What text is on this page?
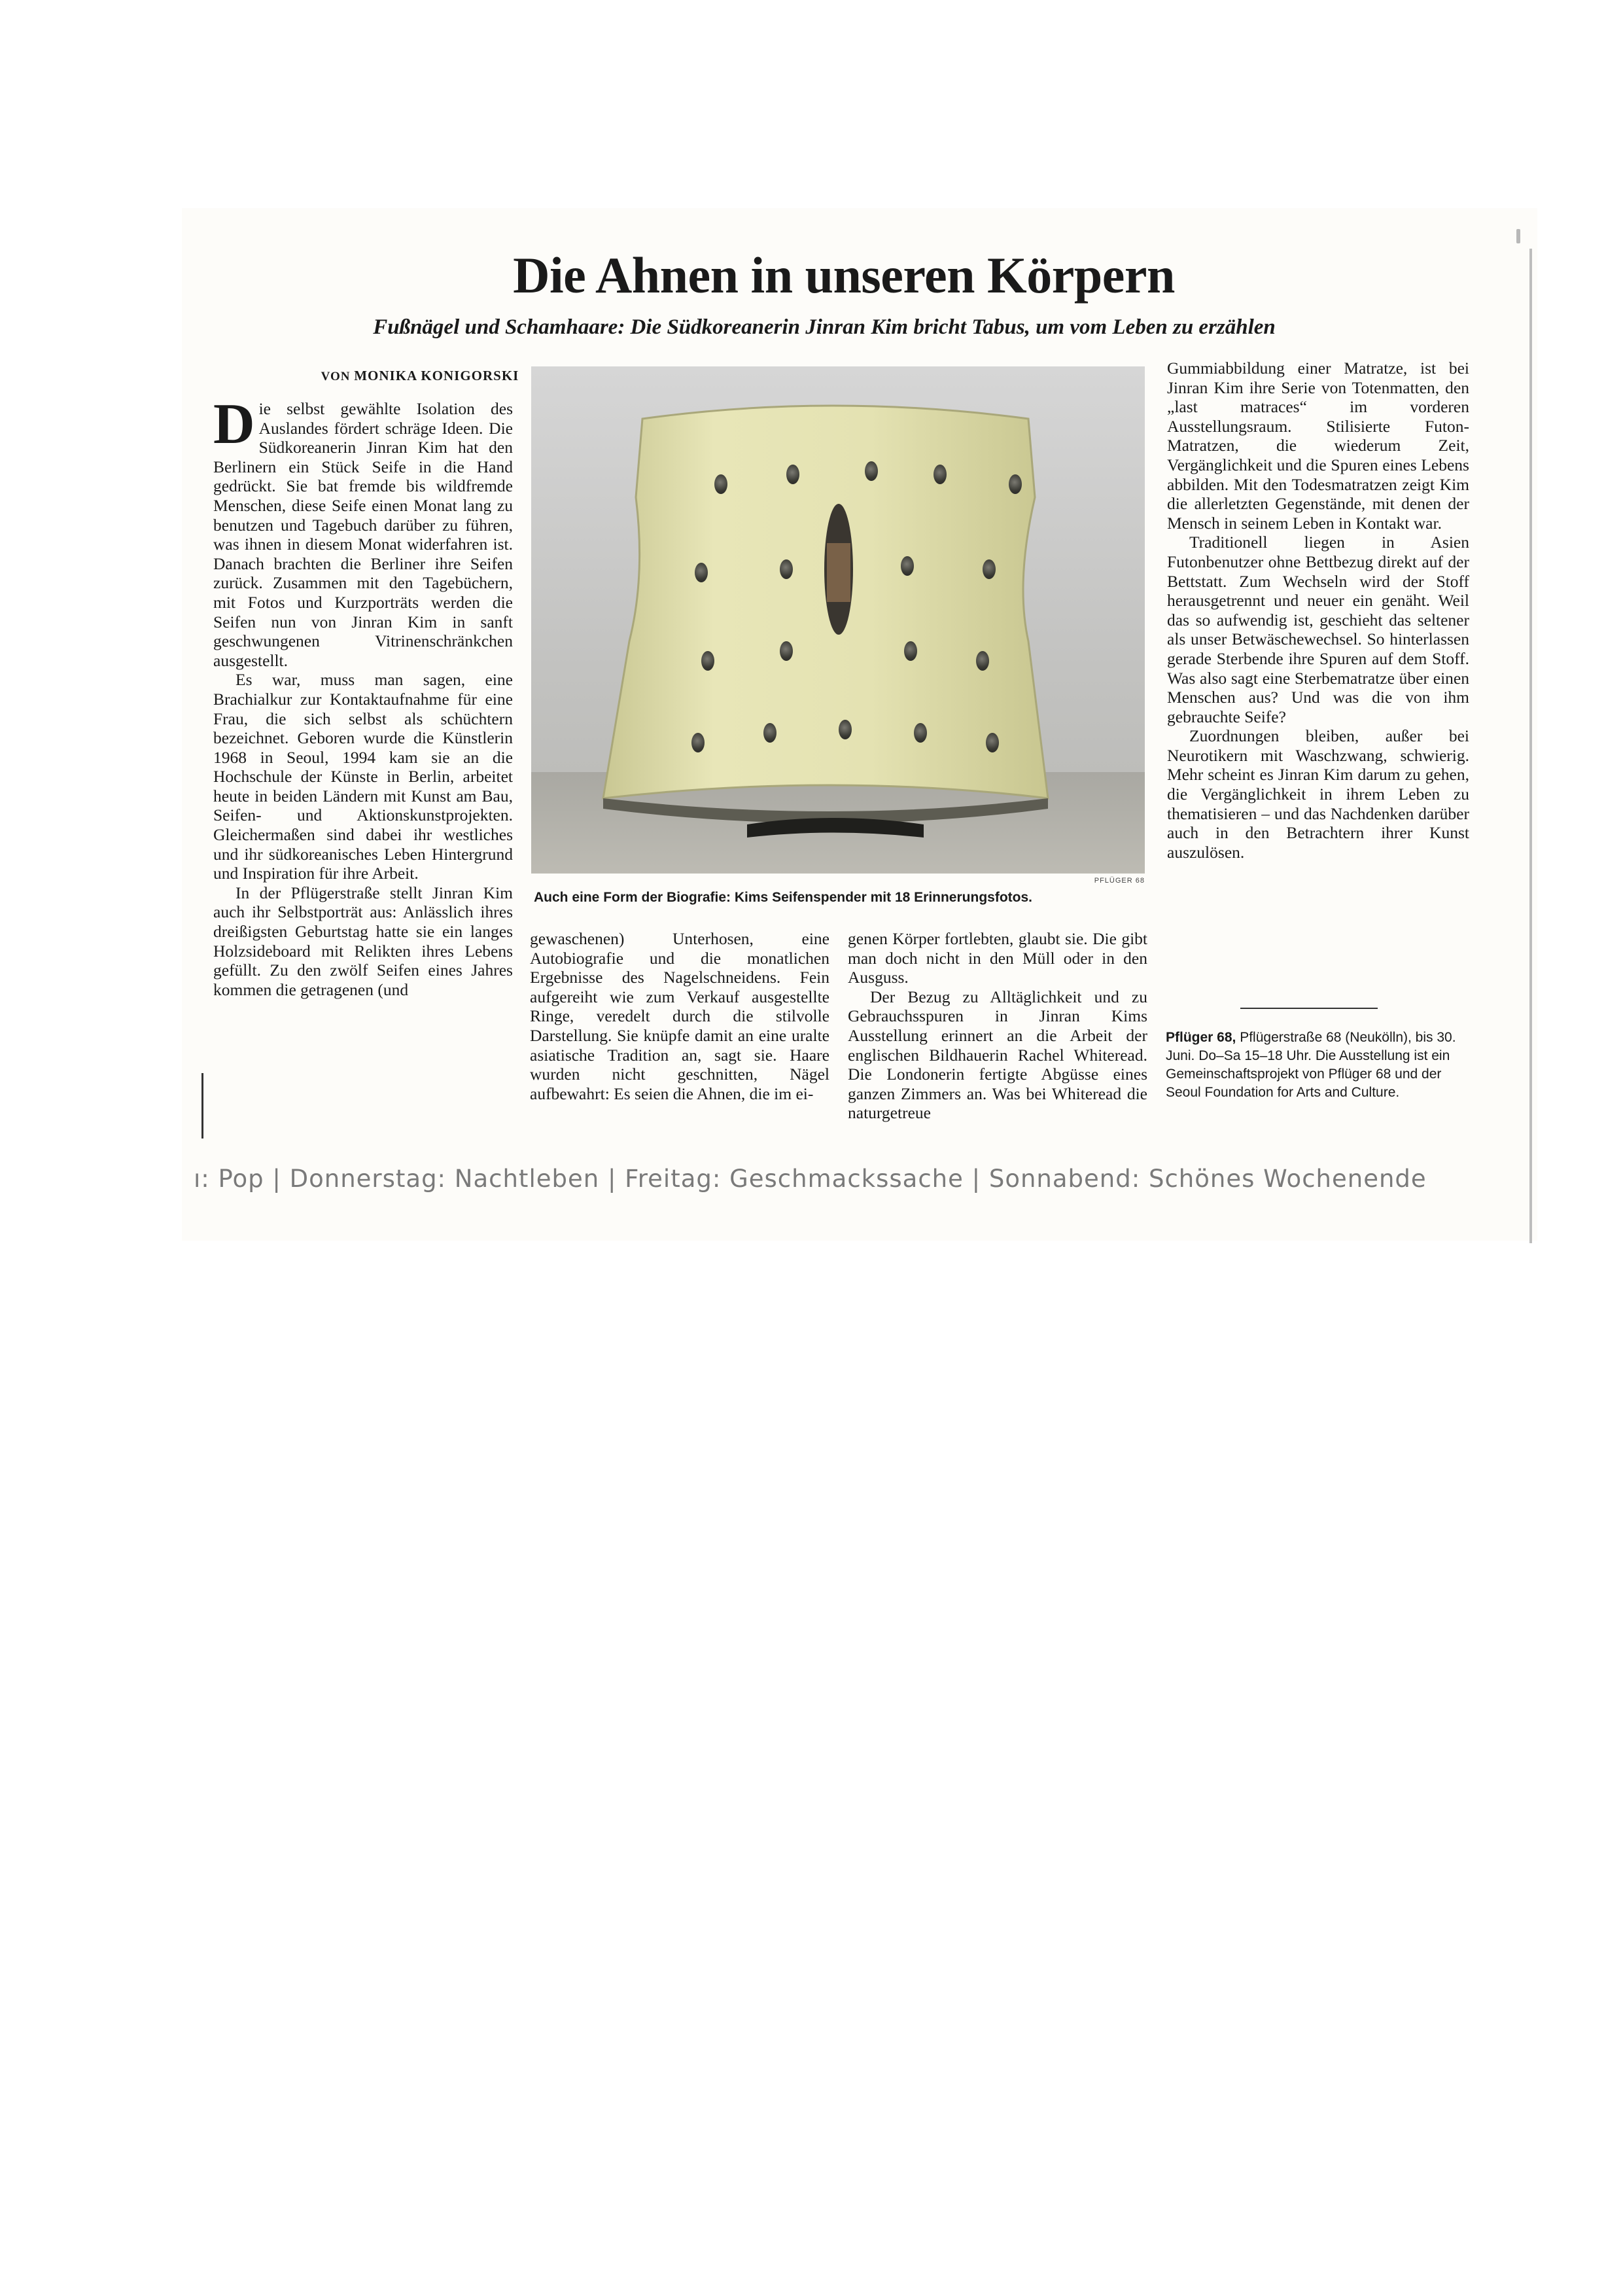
Die Ahnen in unseren Körpern
Fußnägel und Schamhaare: Die Südkoreanerin Jinran Kim bricht Tabus, um vom Leben zu erzählen
VON MONIKA KONIGORSKI

Die selbst gewählte Isolation des Auslandes fördert schräge Ideen. Die Südkoreanerin Jinran Kim hat den Berlinern ein Stück Seife in die Hand gedrückt. Sie bat fremde bis wildfremde Menschen, diese Seife einen Monat lang zu benutzen und Tagebuch darüber zu führen, was ihnen in diesem Monat widerfahren ist. Danach brachten die Berliner ihre Seifen zurück. Zusammen mit den Tagebüchern, mit Fotos und Kurzporträts werden die Seifen nun von Jinran Kim in sanft geschwungenen Vitrinenschränkchen ausgestellt.

Es war, muss man sagen, eine Brachialkur zur Kontaktaufnahme für eine Frau, die sich selbst als schüchtern bezeichnet. Geboren wurde die Künstlerin 1968 in Seoul, 1994 kam sie an die Hochschule der Künste in Berlin, arbeitet heute in beiden Ländern mit Kunst am Bau, Seifen- und Aktionskunstprojekten. Gleichermaßen sind dabei ihr westliches und ihr südkoreanisches Leben Hintergrund und Inspiration für ihre Arbeit.

In der Pflügerstraße stellt Jinran Kim auch ihr Selbstporträt aus: Anlässlich ihres dreißigsten Geburtstag hatte sie ein langes Holzsideboard mit Relikten ihres Lebens gefüllt. Zu den zwölf Seifen eines Jahres kommen die getragenen (und

PFLÜGER 68
Auch eine Form der Biografie: Kims Seifenspender mit 18 Erinnerungsfotos.

gewaschenen) Unterhosen, eine Autobiografie und die monatlichen Ergebnisse des Nagelschneidens. Fein aufgereiht wie zum Verkauf ausgestellte Ringe, veredelt durch die stilvolle Darstellung. Sie knüpfe damit an eine uralte asiatische Tradition an, sagt sie. Haare wurden nicht geschnitten, Nägel aufbewahrt: Es seien die Ahnen, die im ei-

genen Körper fortlebten, glaubt sie. Die gibt man doch nicht in den Müll oder in den Ausguss.

Der Bezug zu Alltäglichkeit und zu Gebrauchsspuren in Jinran Kims Ausstellung erinnert an die Arbeit der englischen Bildhauerin Rachel Whiteread. Die Londonerin fertigte Abgüsse eines ganzen Zimmers an. Was bei Whiteread die naturgetreue

Gummiabbildung einer Matratze, ist bei Jinran Kim ihre Serie von Totenmatten, den „last matraces“ im vorderen Ausstellungsraum. Stilisierte Futon-Matratzen, die wiederum Zeit, Vergänglichkeit und die Spuren eines Lebens abbilden. Mit den Todesmatratzen zeigt Kim die allerletzten Gegenstände, mit denen der Mensch in seinem Leben in Kontakt war.

Traditionell liegen in Asien Futonbenutzer ohne Bettbezug direkt auf der Bettstatt. Zum Wechseln wird der Stoff herausgetrennt und neuer ein genäht. Weil das so aufwendig ist, geschieht das seltener als unser Betwäschewechsel. So hinterlassen gerade Sterbende ihre Spuren auf dem Stoff. Was also sagt eine Sterbematratze über einen Menschen aus? Und was die von ihm gebrauchte Seife?

Zuordnungen bleiben, außer bei Neurotikern mit Waschzwang, schwierig. Mehr scheint es Jinran Kim darum zu gehen, die Vergänglichkeit in ihrem Leben zu thematisieren – und das Nachdenken darüber auch in den Betrachtern ihrer Kunst auszulösen.

Pflüger 68, Pflügerstraße 68 (Neukölln), bis 30. Juni. Do–Sa 15–18 Uhr. Die Ausstellung ist ein Gemeinschaftsprojekt von Pflüger 68 und der Seoul Foundation for Arts and Culture.
ı: Pop | Donnerstag: Nachtleben | Freitag: Geschmackssache | Sonnabend: Schönes Wochenende
